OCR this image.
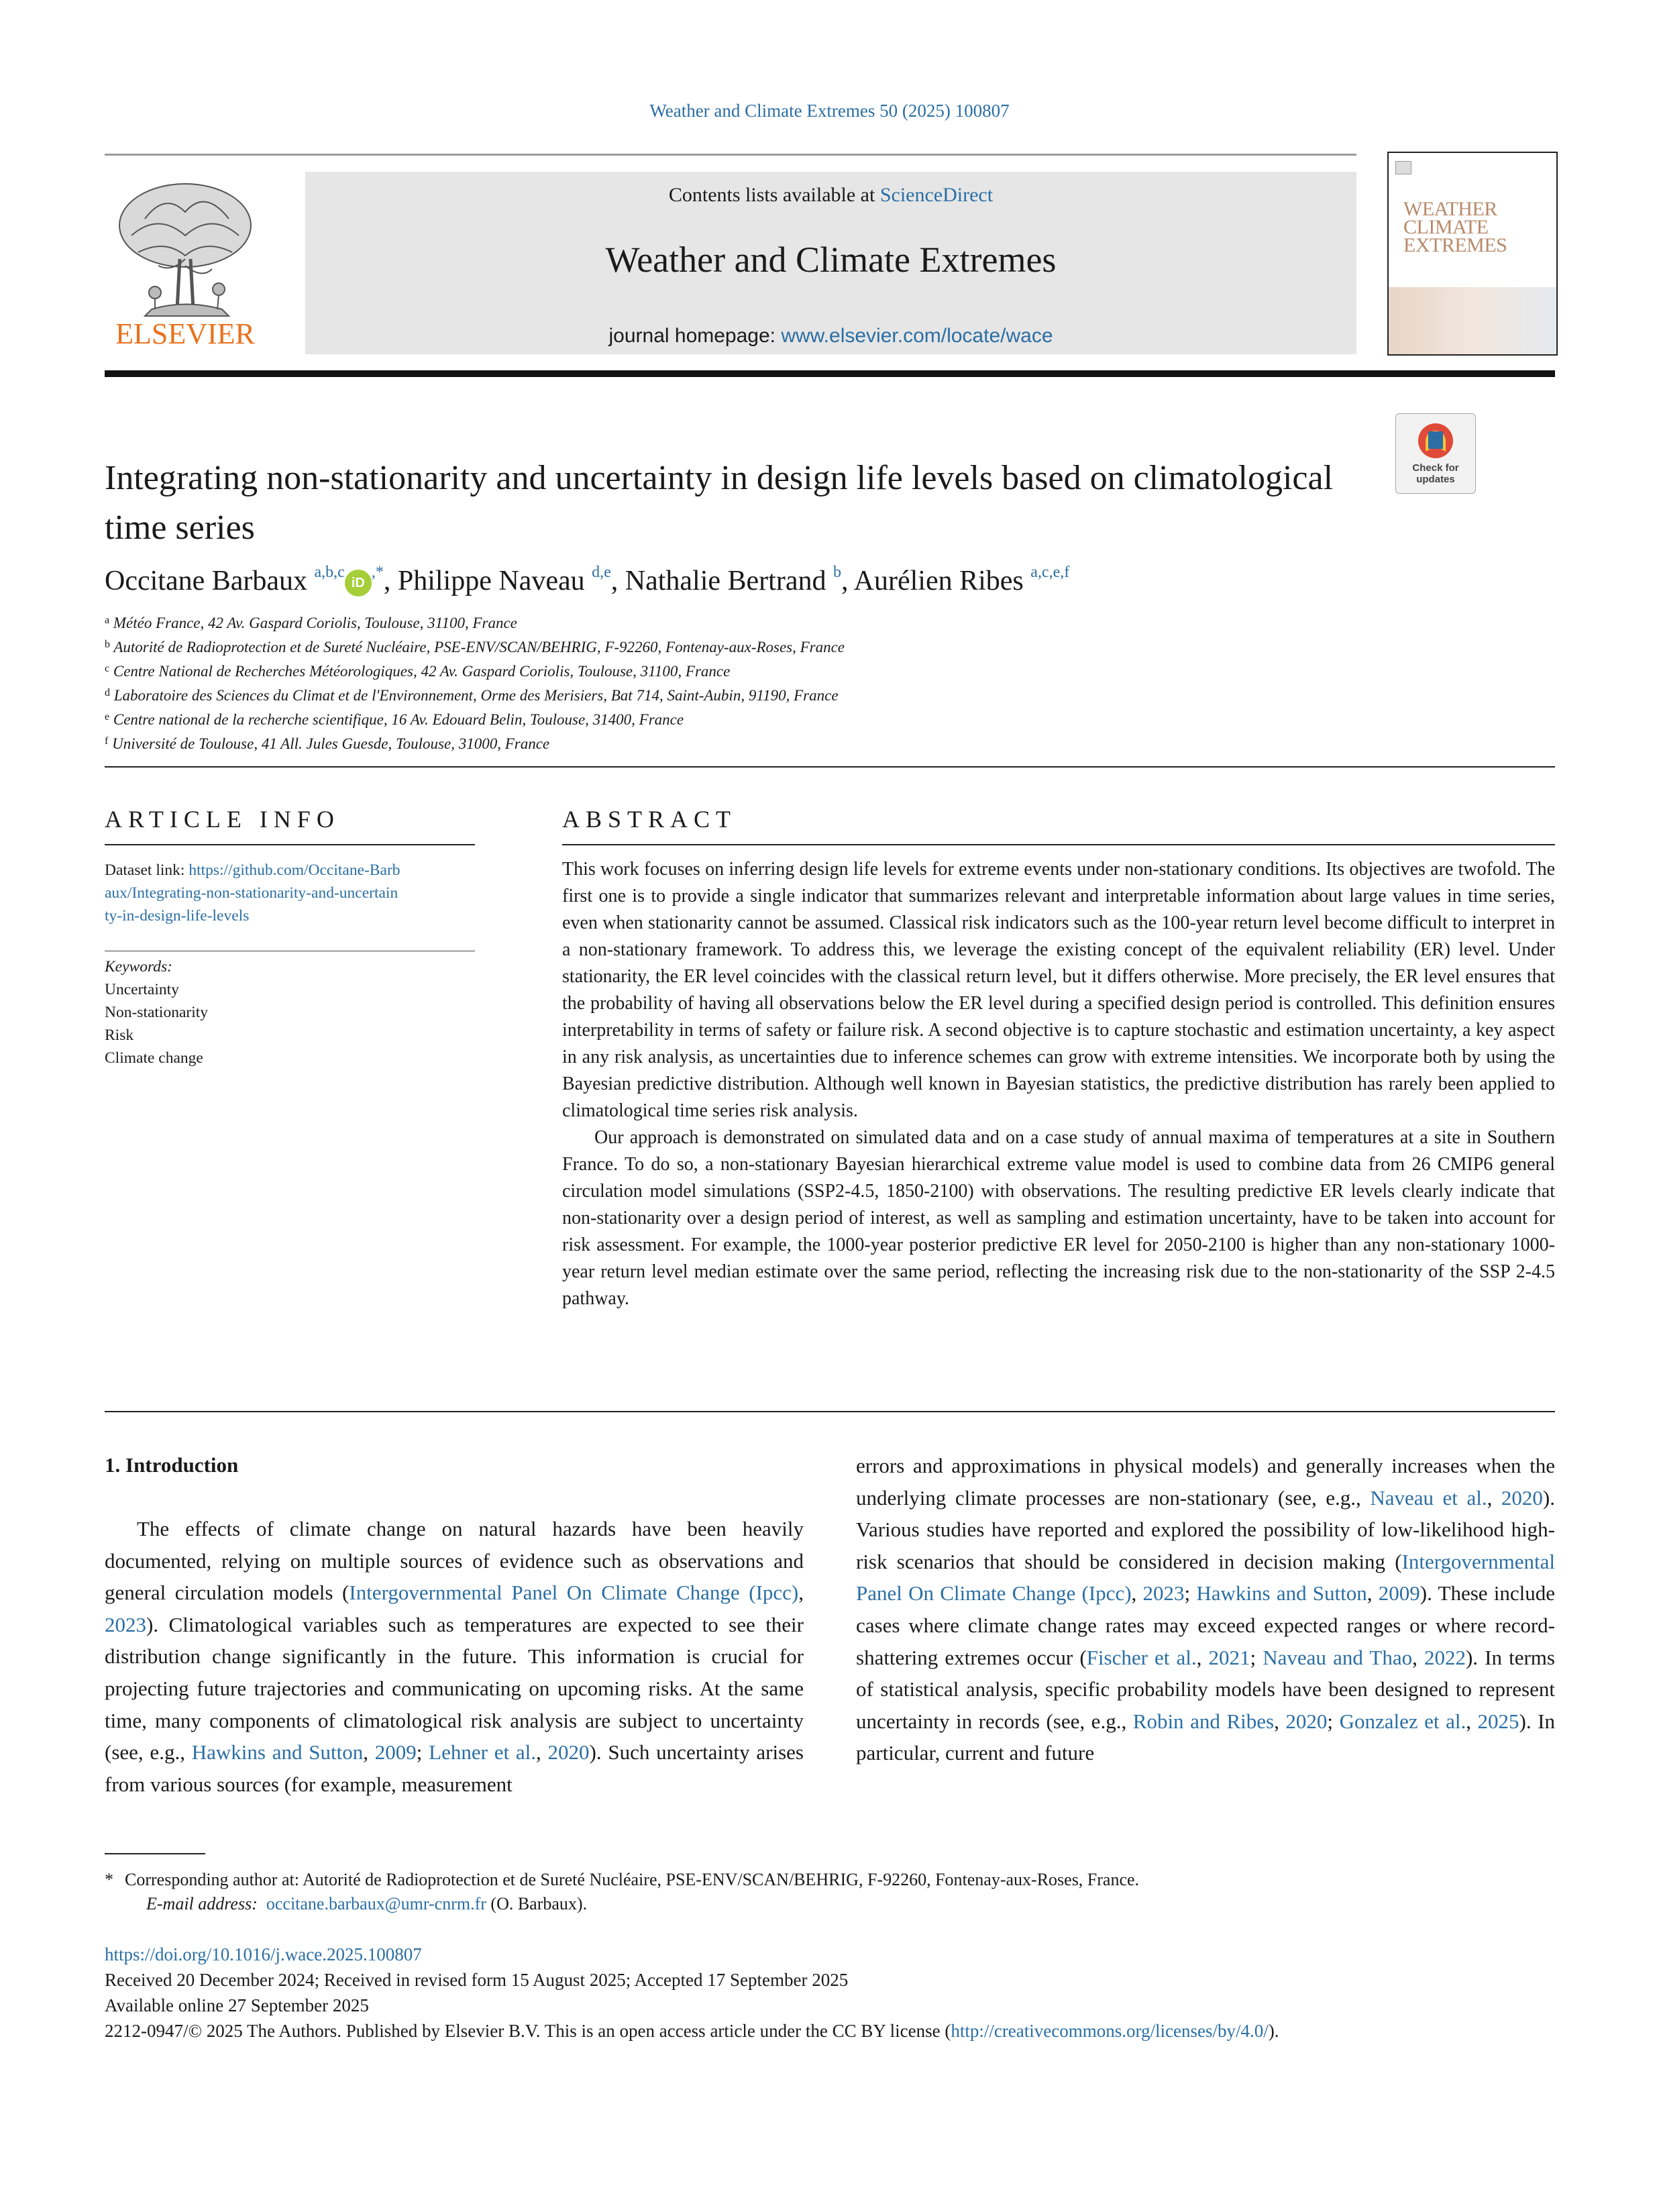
Weather and Climate Extremes 50 (2025) 100807
ELSEVIER
Contents lists available at ScienceDirect
Weather and Climate Extremes
journal homepage: www.elsevier.com/locate/wace
WEATHER CLIMATE EXTREMES
Check for updates
Integrating non-stationarity and uncertainty in design life levels based on climatological time series
Occitane Barbaux $^{a,b,c}$iD,*, Philippe Naveau $^{d,e}$, Nathalie Bertrand $^b$, Aurélien Ribes $^{a,c,e,f}$
$^a$ Météo France, 42 Av. Gaspard Coriolis, Toulouse, 31100, France
$^b$ Autorité de Radioprotection et de Sureté Nucléaire, PSE-ENV/SCAN/BEHRIG, F-92260, Fontenay-aux-Roses, France
$^c$ Centre National de Recherches Météorologiques, 42 Av. Gaspard Coriolis, Toulouse, 31100, France
$^d$ Laboratoire des Sciences du Climat et de l'Environnement, Orme des Merisiers, Bat 714, Saint-Aubin, 91190, France
$^e$ Centre national de la recherche scientifique, 16 Av. Edouard Belin, Toulouse, 31400, France
$^f$ Université de Toulouse, 41 All. Jules Guesde, Toulouse, 31000, France
ARTICLE INFO
Dataset link: https://github.com/Occitane-Barb
aux/Integrating-non-stationarity-and-uncertain
ty-in-design-life-levels
Keywords:
Uncertainty
Non-stationarity
Risk
Climate change
ABSTRACT

This work focuses on inferring design life levels for extreme events under non-stationary conditions. Its objectives are twofold. The first one is to provide a single indicator that summarizes relevant and interpretable information about large values in time series, even when stationarity cannot be assumed. Classical risk indicators such as the 100-year return level become difficult to interpret in a non-stationary framework. To address this, we leverage the existing concept of the equivalent reliability (ER) level. Under stationarity, the ER level coincides with the classical return level, but it differs otherwise. More precisely, the ER level ensures that the probability of having all observations below the ER level during a specified design period is controlled. This definition ensures interpretability in terms of safety or failure risk. A second objective is to capture stochastic and estimation uncertainty, a key aspect in any risk analysis, as uncertainties due to inference schemes can grow with extreme intensities. We incorporate both by using the Bayesian predictive distribution. Although well known in Bayesian statistics, the predictive distribution has rarely been applied to climatological time series risk analysis.

Our approach is demonstrated on simulated data and on a case study of annual maxima of temperatures at a site in Southern France. To do so, a non-stationary Bayesian hierarchical extreme value model is used to combine data from 26 CMIP6 general circulation model simulations (SSP2-4.5, 1850-2100) with observations. The resulting predictive ER levels clearly indicate that non-stationarity over a design period of interest, as well as sampling and estimation uncertainty, have to be taken into account for risk assessment. For example, the 1000-year posterior predictive ER level for 2050-2100 is higher than any non-stationary 1000-year return level median estimate over the same period, reflecting the increasing risk due to the non-stationarity of the SSP 2-4.5 pathway.

1. Introduction

The effects of climate change on natural hazards have been heavily documented, relying on multiple sources of evidence such as observations and general circulation models (Intergovernmental Panel On Climate Change (Ipcc), 2023). Climatological variables such as temperatures are expected to see their distribution change significantly in the future. This information is crucial for projecting future trajectories and communicating on upcoming risks. At the same time, many components of climatological risk analysis are subject to uncertainty (see, e.g., Hawkins and Sutton, 2009; Lehner et al., 2020). Such uncertainty arises from various sources (for example, measurement

errors and approximations in physical models) and generally increases when the underlying climate processes are non-stationary (see, e.g., Naveau et al., 2020). Various studies have reported and explored the possibility of low-likelihood high-risk scenarios that should be considered in decision making (Intergovernmental Panel On Climate Change (Ipcc), 2023; Hawkins and Sutton, 2009). These include cases where climate change rates may exceed expected ranges or where record-shattering extremes occur (Fischer et al., 2021; Naveau and Thao, 2022). In terms of statistical analysis, specific probability models have been designed to represent uncertainty in records (see, e.g., Robin and Ribes, 2020; Gonzalez et al., 2025). In particular, current and future

* Corresponding author at: Autorité de Radioprotection et de Sureté Nucléaire, PSE-ENV/SCAN/BEHRIG, F-92260, Fontenay-aux-Roses, France.
E-mail address: occitane.barbaux@umr-cnrm.fr (O. Barbaux).
https://doi.org/10.1016/j.wace.2025.100807
Received 20 December 2024; Received in revised form 15 August 2025; Accepted 17 September 2025
Available online 27 September 2025
2212-0947/© 2025 The Authors. Published by Elsevier B.V. This is an open access article under the CC BY license (http://creativecommons.org/licenses/by/4.0/).
